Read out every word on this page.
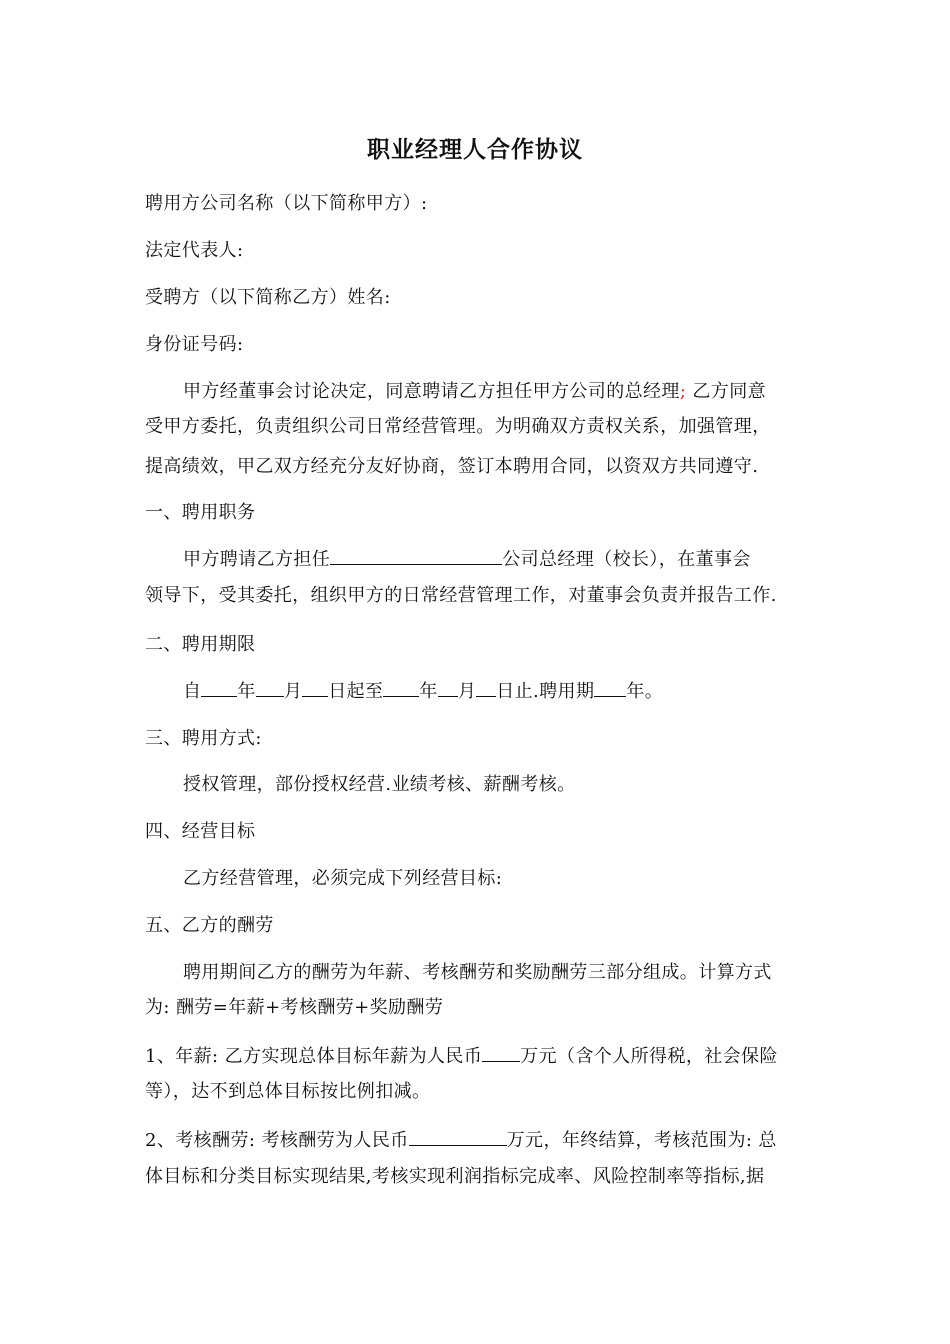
职业经理人合作协议
聘用方公司名称（以下简称甲方）:
法定代表人:
受聘方（以下简称乙方）姓名:
身份证号码:
甲方经董事会讨论决定，同意聘请乙方担任甲方公司的总经理; 乙方同意
受甲方委托，负责组织公司日常经营管理。为明确双方责权关系，加强管理，
提高绩效，甲乙双方经充分友好协商，签订本聘用合同，以资双方共同遵守.
一、聘用职务
甲方聘请乙方担任	公司总经理（校长），在董事会
领导下，受其委托，组织甲方的日常经营管理工作，对董事会负责并报告工作.
二、聘用期限
自 年 月 日起至 年 月 日止.聘用期 年。
三、聘用方式:
授权管理，部份授权经营.业绩考核、薪酬考核。
四、经营目标
乙方经营管理，必须完成下列经营目标:
五、乙方的酬劳
聘用期间乙方的酬劳为年薪、考核酬劳和奖励酬劳三部分组成。计算方式
为: 酬劳=年薪+考核酬劳+奖励酬劳
1、年薪: 乙方实现总体目标年薪为人民币 万元（含个人所得税，社会保险
等），达不到总体目标按比例扣减。
2、考核酬劳: 考核酬劳为人民币	万元，年终结算，考核范围为: 总
体目标和分类目标实现结果,考核实现利润指标完成率、风险控制率等指标,据
